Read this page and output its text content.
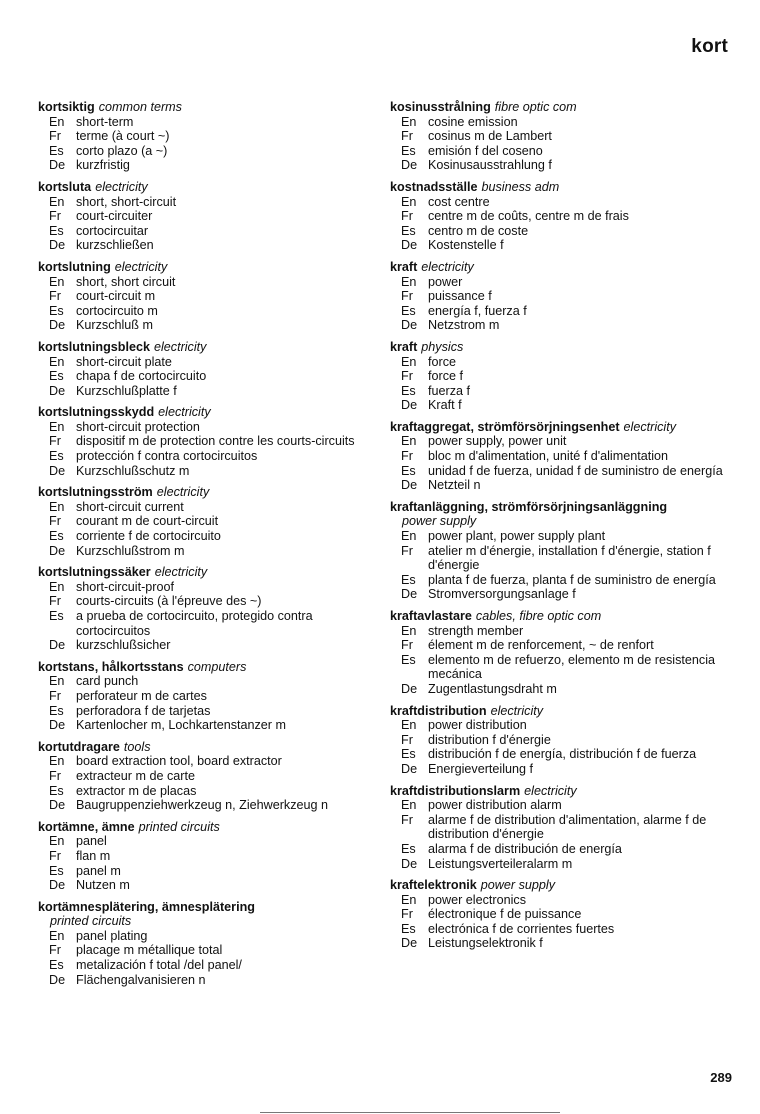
kort
kortsiktig common terms
En short-term
Fr	terme (à court ~)
Es corto plazo (a ~)
De kurzfristig
kortsluta electricity
En short, short-circuit
Fr	court-circuiter
Es cortocircuitar
De kurzschließen
kortslutning electricity
En short, short circuit
Fr	court-circuit m
Es cortocircuito m
De Kurzschluß m
kortslutningsbleck electricity
En short-circuit plate
Es chapa f de cortocircuito
De Kurzschlußplatte f
kortslutningsskydd electricity
En short-circuit protection
Fr	dispositif m de protection contre les courts-circuits
Es protección f contra cortocircuitos
De Kurzschlußschutz m
kortslutningsström electricity
En short-circuit current
Fr	courant m de court-circuit
Es corriente f de cortocircuito
De Kurzschlußstrom m
kortslutningssäker electricity
En short-circuit-proof
Fr	courts-circuits (à l'épreuve des ~)
Es a prueba de cortocircuito, protegido contra cortocircuitos
De kurzschlußsicher
kortstans, hålkortsstans computers
En card punch
Fr	perforateur m de cartes
Es perforadora f de tarjetas
De Kartenlocher m, Lochkartenstanzer m
kortutdragare tools
En board extraction tool, board extractor
Fr	extracteur m de carte
Es extractor m de placas
De Baugruppenziehwerkzeug n, Ziehwerkzeug n
kortämne, ämne printed circuits
En panel
Fr	flan m
Es panel m
De Nutzen m
kortämnesplätering, ämnesplätering
printed circuits
En panel plating
Fr	placage m métallique total
Es metalización f total /del panel/
De Flächengalvanisieren n
kosinusstrålning fibre optic com
En cosine emission
Fr	cosinus m de Lambert
Es emisión f del coseno
De Kosinusausstrahlung f
kostnadsställe business adm
En cost centre
Fr	centre m de coûts, centre m de frais
Es centro m de coste
De Kostenstelle f
kraft electricity
En power
Fr	puissance f
Es energía f, fuerza f
De Netzstrom m
kraft physics
En force
Fr	force f
Es fuerza f
De Kraft f
kraftaggregat, strömförsörjningsenhet electricity
En power supply, power unit
Fr	bloc m d'alimentation, unité f d'alimentation
Es unidad f de fuerza, unidad f de suministro de energía
De Netzteil n
kraftanläggning, strömförsörjningsanläggning
power supply
En power plant, power supply plant
Fr	atelier m d'énergie, installation f d'énergie, station f d'énergie
Es planta f de fuerza, planta f de suministro de energía
De Stromversorgungsanlage f
kraftavlastare cables, fibre optic com
En strength member
Fr	élement m de renforcement, ~ de renfort
Es elemento m de refuerzo, elemento m de resistencia mecánica
De Zugentlastungsdraht m
kraftdistribution electricity
En power distribution
Fr	distribution f d'énergie
Es distribución f de energía, distribución f de fuerza
De Energieverteilung f
kraftdistributionslarm electricity
En power distribution alarm
Fr	alarme f de distribution d'alimentation, alarme f de distribution d'énergie
Es alarma f de distribución de energía
De Leistungsverteileralarm m
kraftelektronik power supply
En power electronics
Fr	électronique f de puissance
Es electrónica f de corrientes fuertes
De Leistungselektronik f
289
